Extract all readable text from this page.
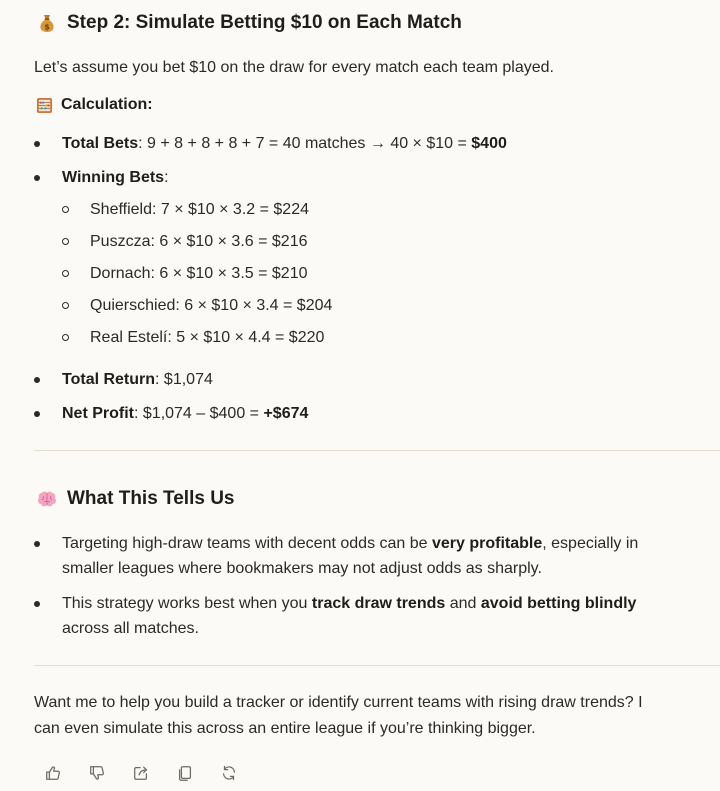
$ Step 2: Simulate Betting $10 on Each Match

Let’s assume you bet $10 on the draw for every match each team played.

Calculation:
Total Bets: 9 + 8 + 8 + 8 + 7 = 40 matches → 40 × $10 = $400
Winning Bets:
Sheffield: 7 × $10 × 3.2 = $224
Puszcza: 6 × $10 × 3.6 = $216
Dornach: 6 × $10 × 3.5 = $210
Quierschied: 6 × $10 × 3.4 = $204
Real Estelí: 5 × $10 × 4.4 = $220
Total Return: $1,074
Net Profit: $1,074 – $400 = +$674
What This Tells Us
Targeting high-draw teams with decent odds can be very profitable, especially in
smaller leagues where bookmakers may not adjust odds as sharply.
This strategy works best when you track draw trends and avoid betting blindly
across all matches.

Want me to help you build a tracker or identify current teams with rising draw trends? I

can even simulate this across an entire league if you’re thinking bigger.
